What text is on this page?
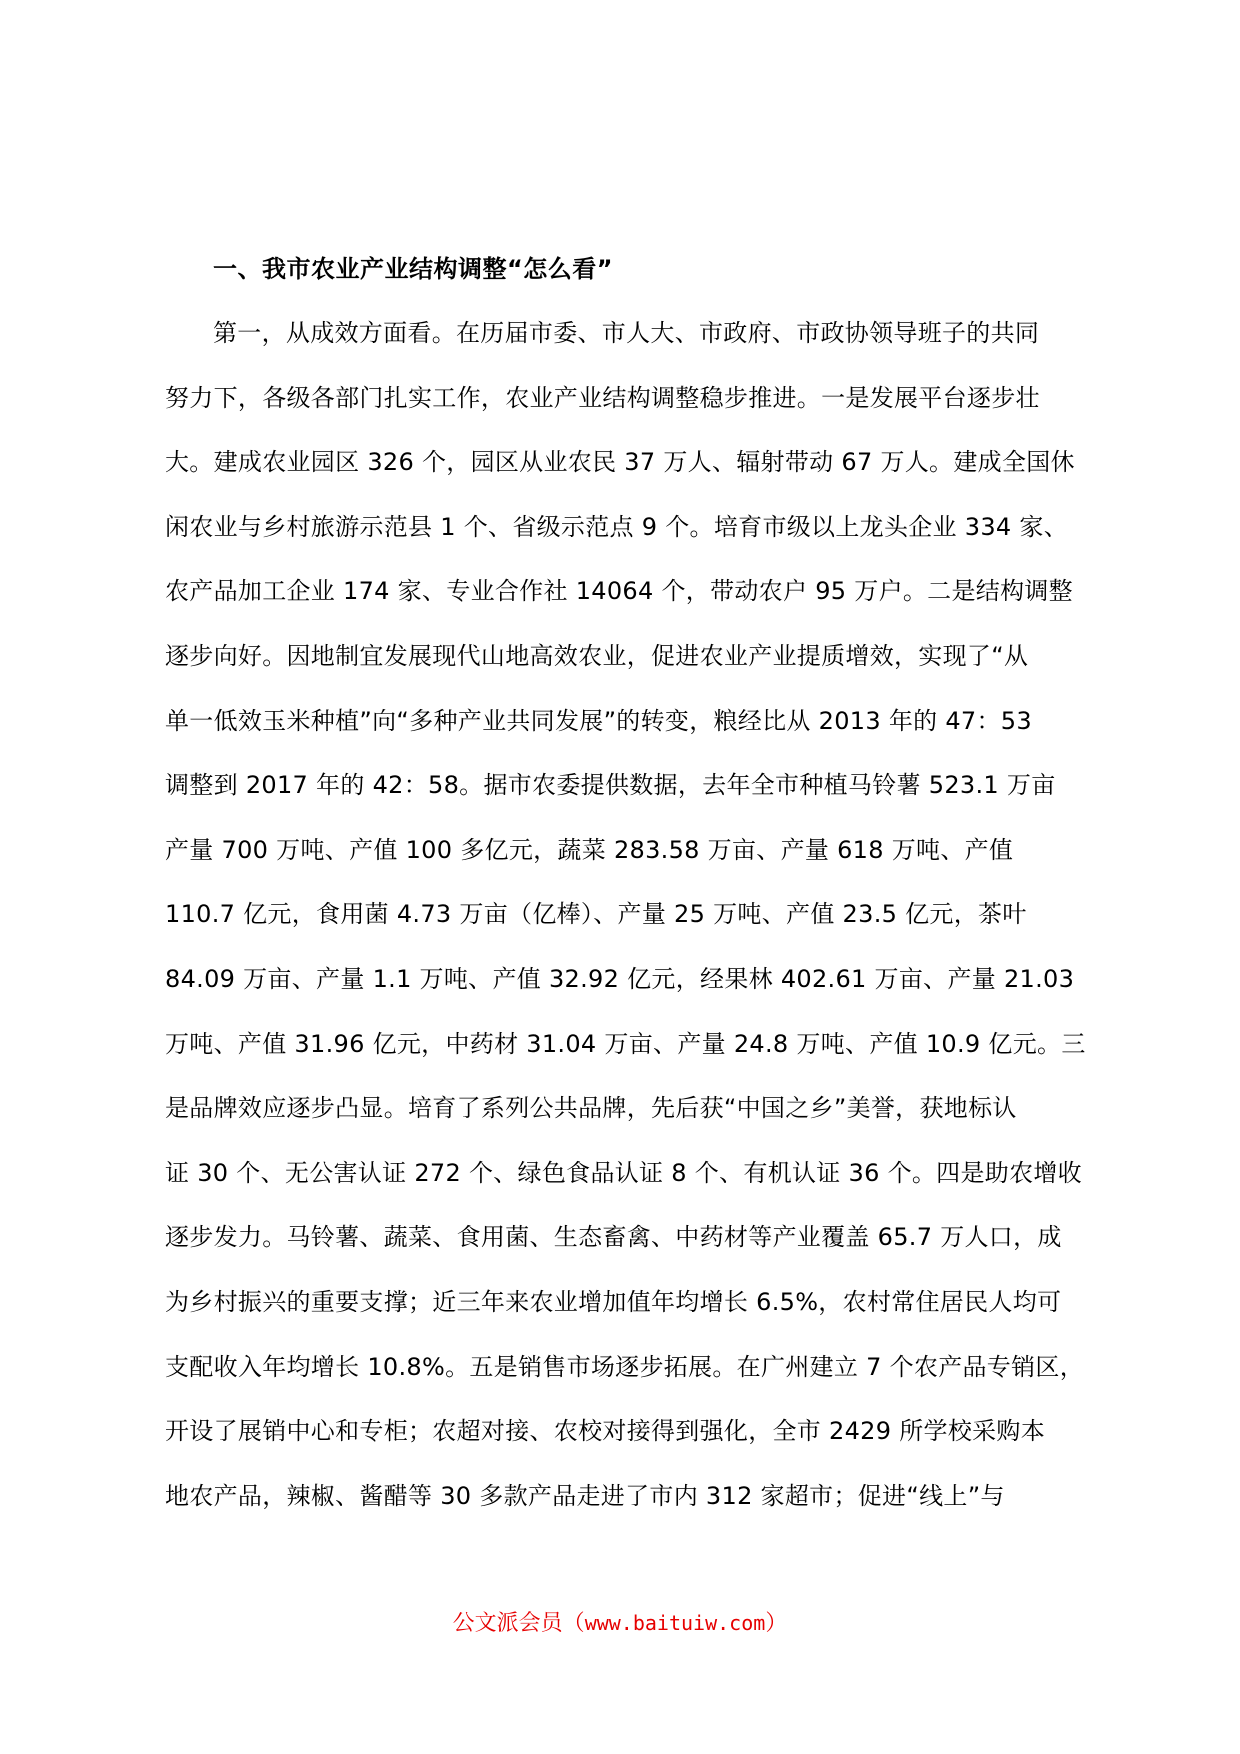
一、我市农业产业结构调整“怎么看”
第一，从成效方面看。在历届市委、市人大、市政府、市政协领导班子的共同
努力下，各级各部门扎实工作，农业产业结构调整稳步推进。一是发展平台逐步壮
大。建成农业园区 326 个，园区从业农民 37 万人、辐射带动 67 万人。建成全国休
闲农业与乡村旅游示范县 1 个、省级示范点 9 个。培育市级以上龙头企业 334 家、
农产品加工企业 174 家、专业合作社 14064 个，带动农户 95 万户。二是结构调整
逐步向好。因地制宜发展现代山地高效农业，促进农业产业提质增效，实现了“从
单一低效玉米种植”向“多种产业共同发展”的转变，粮经比从 2013 年的 47：53
调整到 2017 年的 42：58。据市农委提供数据，去年全市种植马铃薯 523.1 万亩
产量 700 万吨、产值 100 多亿元，蔬菜 283.58 万亩、产量 618 万吨、产值
110.7 亿元，食用菌 4.73 万亩（亿棒）、产量 25 万吨、产值 23.5 亿元，茶叶
84.09 万亩、产量 1.1 万吨、产值 32.92 亿元，经果林 402.61 万亩、产量 21.03
万吨、产值 31.96 亿元，中药材 31.04 万亩、产量 24.8 万吨、产值 10.9 亿元。三
是品牌效应逐步凸显。培育了系列公共品牌，先后获“中国之乡”美誉，获地标认
证 30 个、无公害认证 272 个、绿色食品认证 8 个、有机认证 36 个。四是助农增收
逐步发力。马铃薯、蔬菜、食用菌、生态畜禽、中药材等产业覆盖 65.7 万人口，成
为乡村振兴的重要支撑；近三年来农业增加值年均增长 6.5%，农村常住居民人均可
支配收入年均增长 10.8%。五是销售市场逐步拓展。在广州建立 7 个农产品专销区，
开设了展销中心和专柜；农超对接、农校对接得到强化，全市 2429 所学校采购本
地农产品，辣椒、酱醋等 30 多款产品走进了市内 312 家超市；促进“线上”与
公文派会员（www.baituiw.com）
